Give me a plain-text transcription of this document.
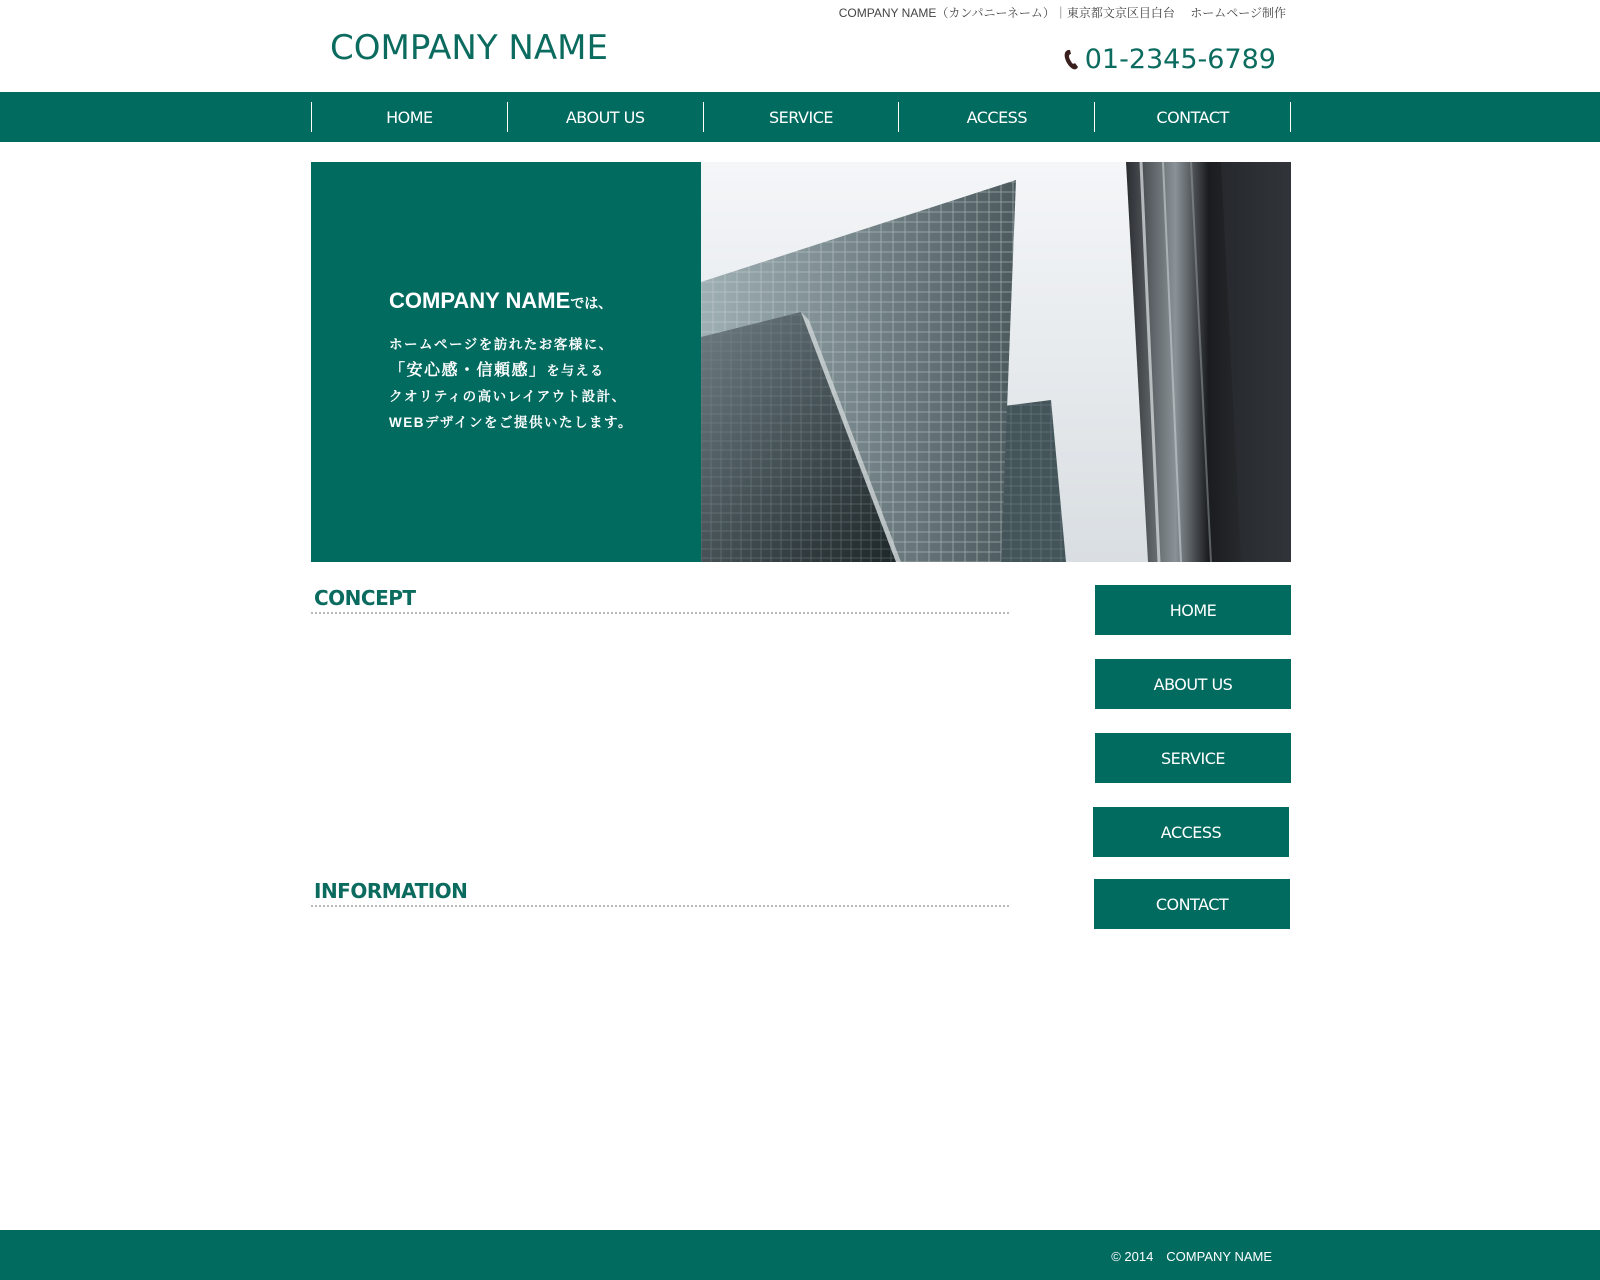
COMPANY NAME（カンパニーネーム）｜東京都文京区目白台　 ホームページ制作
COMPANY NAME	01-2345-6789
HOME	ABOUT US	SERVICE	ACCESS	CONTACT
COMPANY NAMEでは、
ホームページを訪れたお客様に、
「安心感・信頼感」を与える
クオリティの高いレイアウト設計、
WEBデザインをご提供いたします。
CONCEPT
INFORMATION
HOME
ABOUT US
SERVICE
ACCESS
CONTACT
© 2014　COMPANY NAME
